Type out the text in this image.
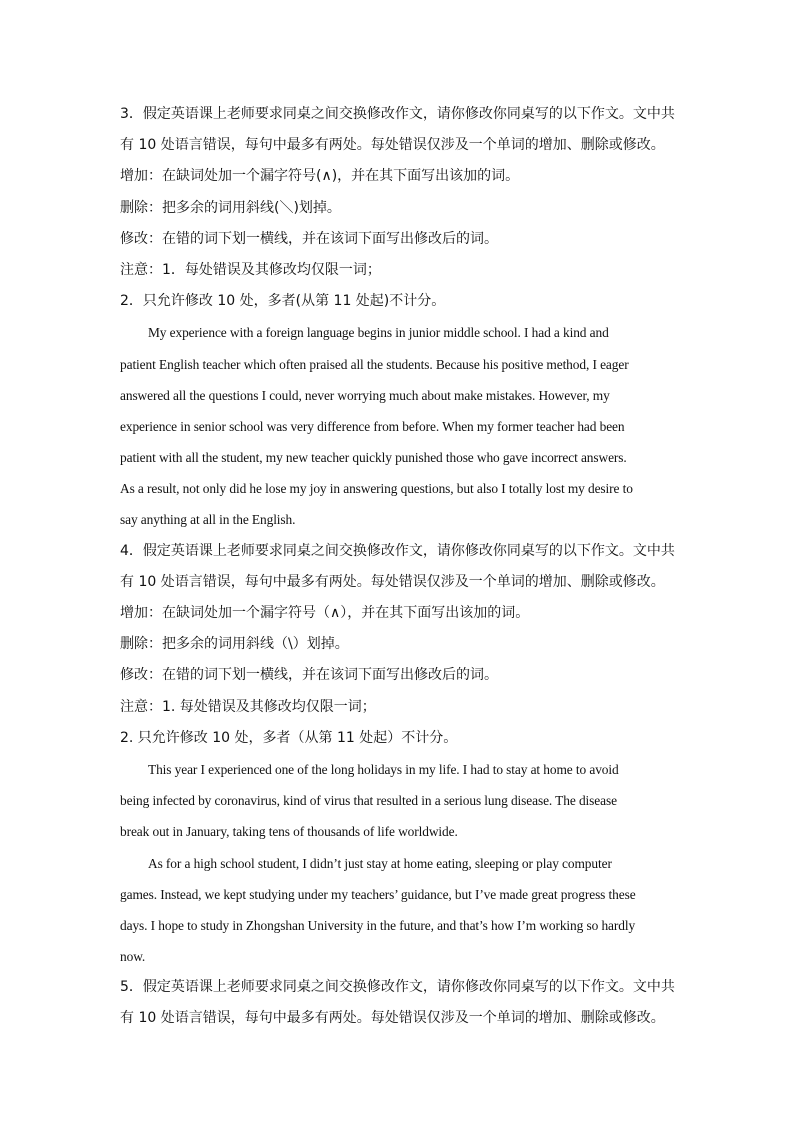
3．假定英语课上老师要求同桌之间交换修改作文，请你修改你同桌写的以下作文。文中共
有 10 处语言错误，每句中最多有两处。每处错误仅涉及一个单词的增加、删除或修改。
增加：在缺词处加一个漏字符号(∧)，并在其下面写出该加的词。
删除：把多余的词用斜线(＼)划掉。
修改：在错的词下划一横线，并在该词下面写出修改后的词。
注意：1．每处错误及其修改均仅限一词；
2．只允许修改 10 处，多者(从第 11 处起)不计分。
My experience with a foreign language begins in junior middle school. I had a kind and
patient English teacher which often praised all the students. Because his positive method, I eager
answered all the questions I could, never worrying much about make mistakes. However, my
experience in senior school was very difference from before. When my former teacher had been
patient with all the student, my new teacher quickly punished those who gave incorrect answers.
As a result, not only did he lose my joy in answering questions, but also I totally lost my desire to
say anything at all in the English.
4．假定英语课上老师要求同桌之间交换修改作文，请你修改你同桌写的以下作文。文中共
有 10 处语言错误，每句中最多有两处。每处错误仅涉及一个单词的增加、删除或修改。
增加：在缺词处加一个漏字符号（∧），并在其下面写出该加的词。
删除：把多余的词用斜线（\）划掉。
修改：在错的词下划一横线，并在该词下面写出修改后的词。
注意：1. 每处错误及其修改均仅限一词；
2. 只允许修改 10 处，多者（从第 11 处起）不计分。
This year I experienced one of the long holidays in my life. I had to stay at home to avoid
being infected by coronavirus, kind of virus that resulted in a serious lung disease. The disease
break out in January, taking tens of thousands of life worldwide.
As for a high school student, I didn’t just stay at home eating, sleeping or play computer
games. Instead, we kept studying under my teachers’ guidance, but I’ve made great progress these
days. I hope to study in Zhongshan University in the future, and that’s how I’m working so hardly
now.
5．假定英语课上老师要求同桌之间交换修改作文，请你修改你同桌写的以下作文。文中共
有 10 处语言错误，每句中最多有两处。每处错误仅涉及一个单词的增加、删除或修改。
